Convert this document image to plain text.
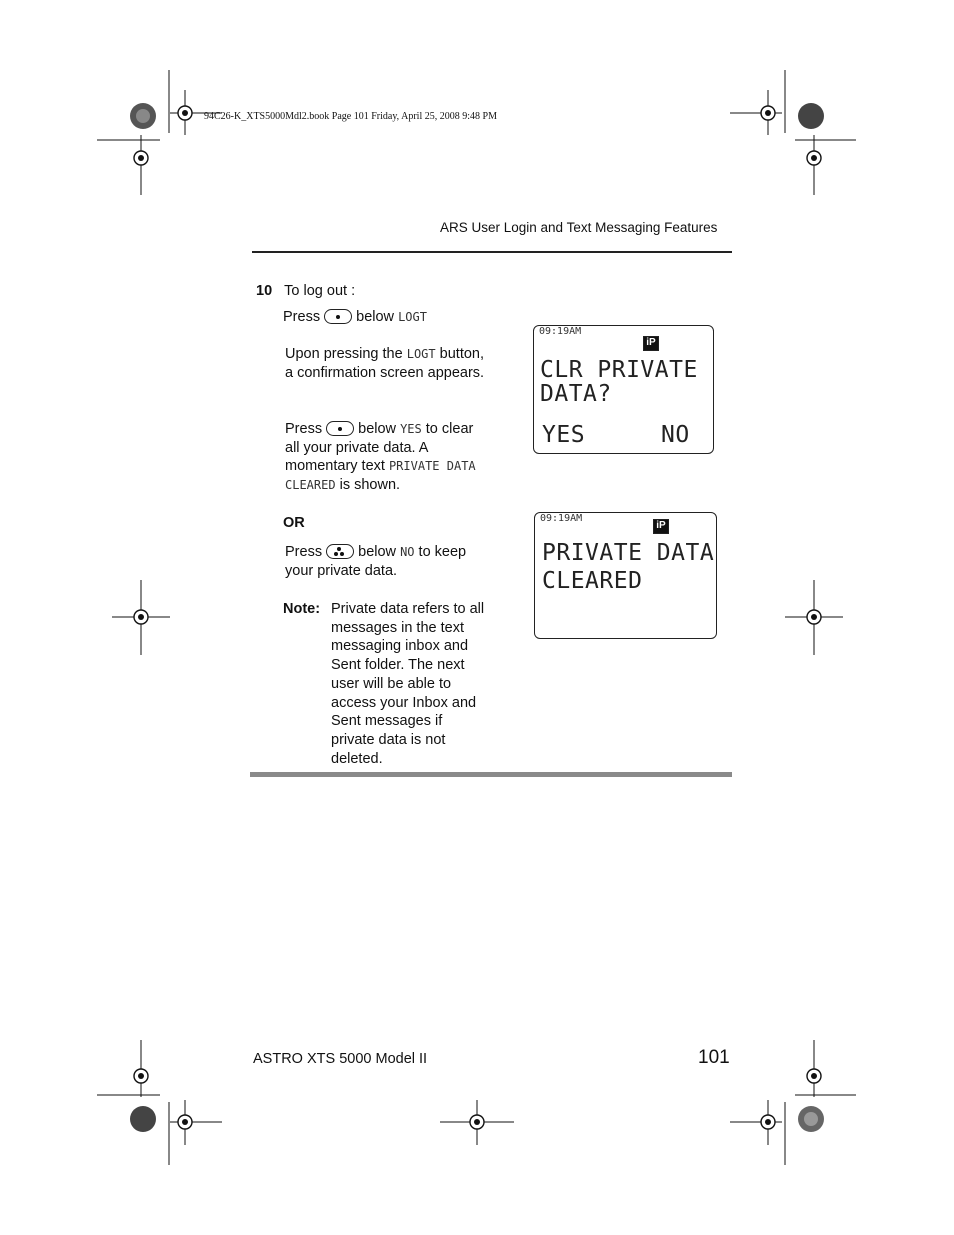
94C26-K_XTS5000Mdl2.book Page 101 Friday, April 25, 2008 9:48 PM
ARS User Login and Text Messaging Features
10 To log out :
Press below LOGT
Upon pressing the LOGT button, a confirmation screen appears.
Press below YES to clear all your private data. A momentary text PRIVATE DATA CLEARED is shown.
OR
Press below NO to keep your private data.
Note: Private data refers to all messages in the text messaging inbox and Sent folder. The next user will be able to access your Inbox and Sent messages if private data is not deleted.
09:19AM
iP
CLR PRIVATE
DATA?
YES	NO
09:19AM
iP
PRIVATE DATA
CLEARED
ASTRO XTS 5000 Model II	101
